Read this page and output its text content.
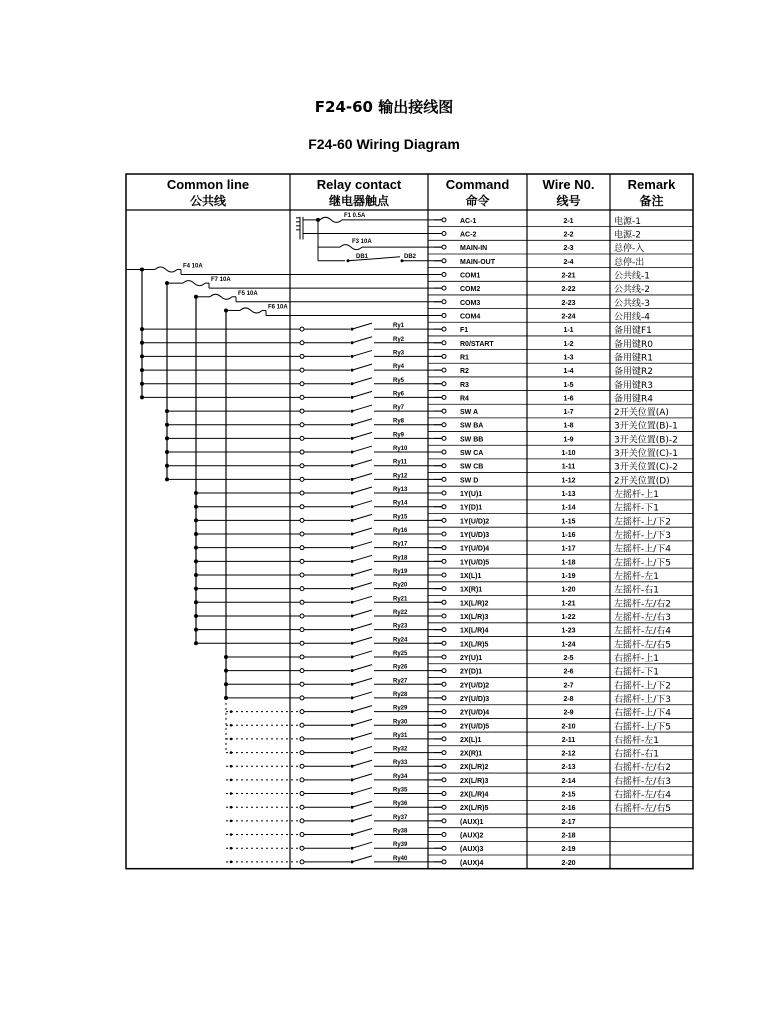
F24-60 输出接线图
F24-60 Wiring Diagram
Common line
公共线
Relay contact
继电器触点
Command
命令
Wire N0.
线号
Remark
备注
AC-1	2-1	电源-1
AC-2	2-2	电源-2
MAIN-IN	2-3	总停-入
MAIN-OUT	2-4	总停-出
COM1	2-21	公共线-1
COM2	2-22	公共线-2
COM3	2-23	公共线-3
COM4	2-24	公用线-4
F1	1-1	备用键F1
R0/START	1-2	备用键R0
R1	1-3	备用键R1
R2	1-4	备用键R2
R3	1-5	备用键R3
R4	1-6	备用键R4
SW A	1-7	2开关位置(A)
SW BA	1-8	3开关位置(B)-1
SW BB	1-9	3开关位置(B)-2
SW CA	1-10	3开关位置(C)-1
SW CB	1-11	3开关位置(C)-2
SW D	1-12	2开关位置(D)
1Y(U)1	1-13	左摇杆-上1
1Y(D)1	1-14	左摇杆-下1
1Y(U/D)2	1-15	左摇杆-上/下2
1Y(U/D)3	1-16	左摇杆-上/下3
1Y(U/D)4	1-17	左摇杆-上/下4
1Y(U/D)5	1-18	左摇杆-上/下5
1X(L)1	1-19	左摇杆-左1
1X(R)1	1-20	左摇杆-右1
1X(L/R)2	1-21	左摇杆-左/右2
1X(L/R)3	1-22	左摇杆-左/右3
1X(L/R)4	1-23	左摇杆-左/右4
1X(L/R)5	1-24	左摇杆-左/右5
2Y(U)1	2-5	右摇杆-上1
2Y(D)1	2-6	右摇杆-下1
2Y(U/D)2	2-7	右摇杆-上/下2
2Y(U/D)3	2-8	右摇杆-上/下3
2Y(U/D)4	2-9	右摇杆-上/下4
2Y(U/D)5	2-10	右摇杆-上/下5
2X(L)1	2-11	右摇杆-左1
2X(R)1	2-12	右摇杆-右1
2X(L/R)2	2-13	右摇杆-左/右2
2X(L/R)3	2-14	右摇杆-左/右3
2X(L/R)4	2-15	右摇杆-左/右4
2X(L/R)5	2-16	右摇杆-左/右5
(AUX)1	2-17
(AUX)2	2-18
(AUX)3	2-19
(AUX)4	2-20
F1 0.5A
F3 10A
DB1	DB2
F4 10A
F7 10A
F5 10A
F6 10A
Ry1
Ry2
Ry3
Ry4
Ry5
Ry6
Ry7
Ry8
Ry9
Ry10
Ry11
Ry12
Ry13
Ry14
Ry15
Ry16
Ry17
Ry18
Ry19
Ry20
Ry21
Ry22
Ry23
Ry24
Ry25
Ry26
Ry27
Ry28
Ry29
Ry30
Ry31
Ry32
Ry33
Ry34
Ry35
Ry36
Ry37
Ry38
Ry39
Ry40
